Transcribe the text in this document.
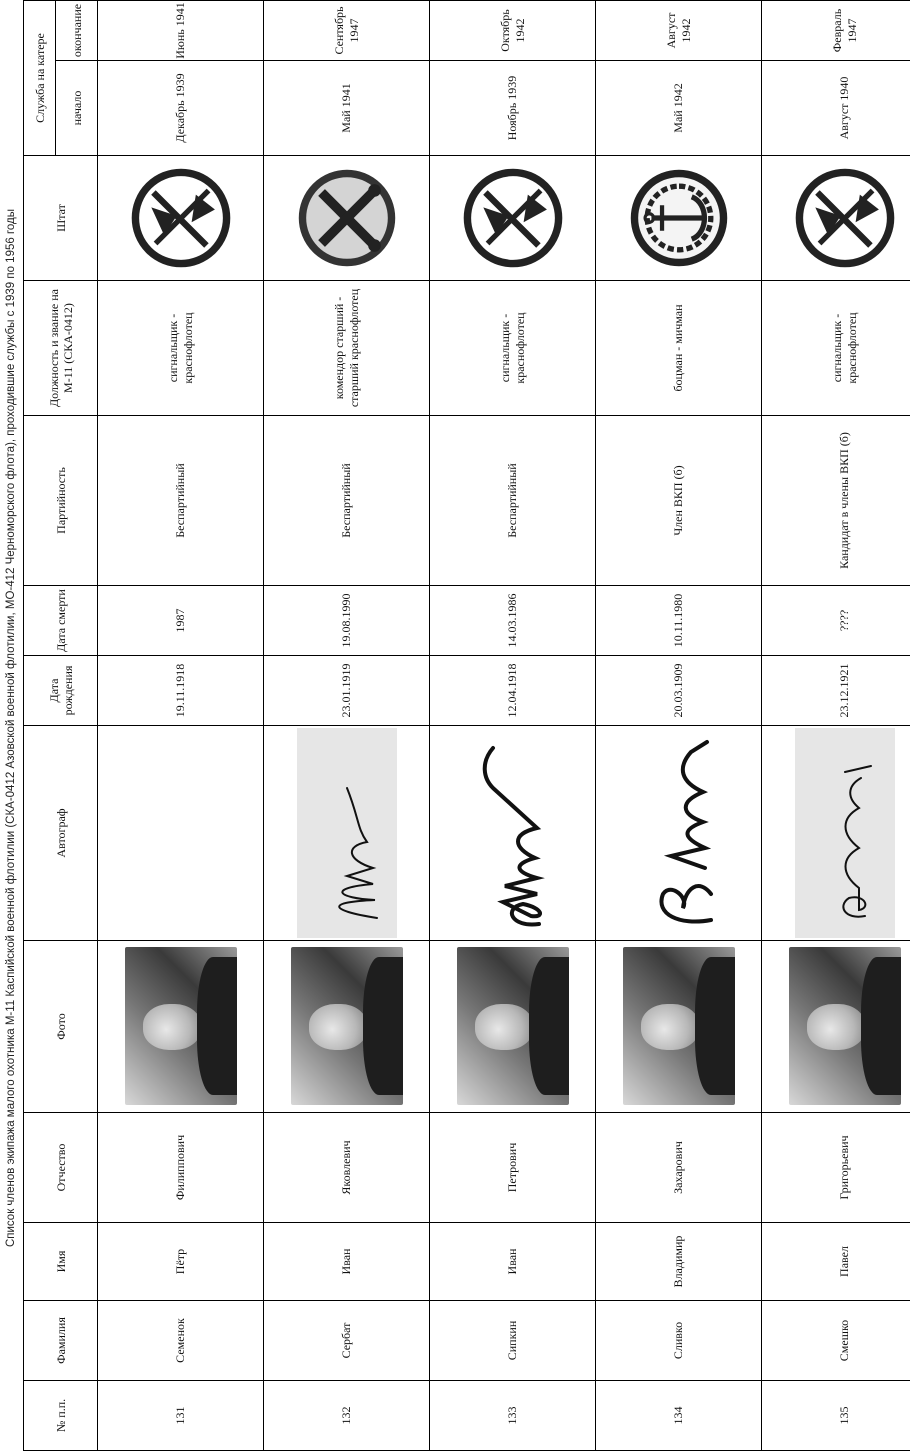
Список членов экипажа малого охотника М-11 Каспийской военной флотилии (СКА-0412 Азовской военной флотилии, МО-412 Черноморского флота), проходившие службы с 1939 по 1956 годы
№ п.п.	Фамилия	Имя	Отчество	Фото	Автограф	Дата рождения	Дата смерти	Партийность	Должность и звание на М-11 (СКА-0412)	Штат	Служба на катере	
											начало	окончание
131	Семенок	Пётр	Филиппович			19.11.1918	1987	Беспартийный	сигнальщик - краснофлотец		Декабрь 1939	Июнь 1941
132	Сербат	Иван	Яковлевич			23.01.1919	19.08.1990	Беспартийный	комендор старший - старший краснофлотец		Май 1941	Сентябрь 1947
133	Сипкин	Иван	Петрович			12.04.1918	14.03.1986	Беспартийный	сигнальщик - краснофлотец		Ноябрь 1939	Октябрь 1942
134	Сливко	Владимир	Захарович			20.03.1909	10.11.1980	Член ВКП (б)	боцман - мичман		Май 1942	Август 1942
135	Смешко	Павел	Григорьевич			23.12.1921	????	Кандидат в члены ВКП (б)	сигнальщик - краснофлотец		Август 1940	Февраль 1947
